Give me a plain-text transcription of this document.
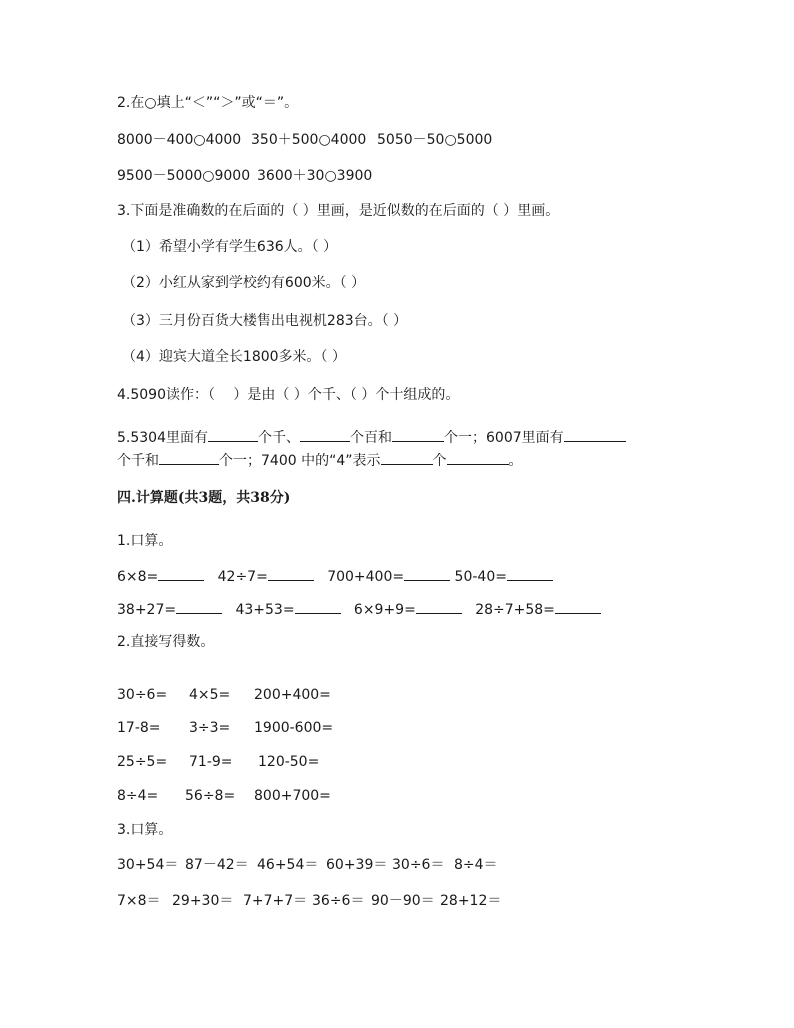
2.在○填上“＜”“＞”或“＝”。
8000－400○4000 350＋500○4000 5050－50○5000
9500－5000○9000 3600＋30○3900
3.下面是准确数的在后面的（ ）里画，是近似数的在后面的（ ）里画。
（1）希望小学有学生636人。（ ）
（2）小红从家到学校约有600米。（ ）
（3）三月份百货大楼售出电视机283台。（ ）
（4）迎宾大道全长1800多米。（ ）
4.5090读作：（　 ）是由（ ）个千、（ ）个十组成的。
5.5304里面有	个千、	个百和	个一；6007里面有
个千和	个一；7400 中的“4”表示	个	。
四.计算题(共3题，共38分)
1.口算。
6×8=	42÷7=	700+400=	50-40=
38+27=	43+53=	6×9+9=	28÷7+58=
2.直接写得数。
30÷6= 4×5= 200+400=
17-8= 3÷3= 1900-600=
25÷5= 71-9= 120-50=
8÷4= 56÷8= 800+700=
3.口算。
30+54＝ 87－42＝ 46+54＝ 60+39＝ 30÷6＝ 8÷4＝
7×8＝ 29+30＝ 7+7+7＝ 36÷6＝ 90－90＝ 28+12＝
